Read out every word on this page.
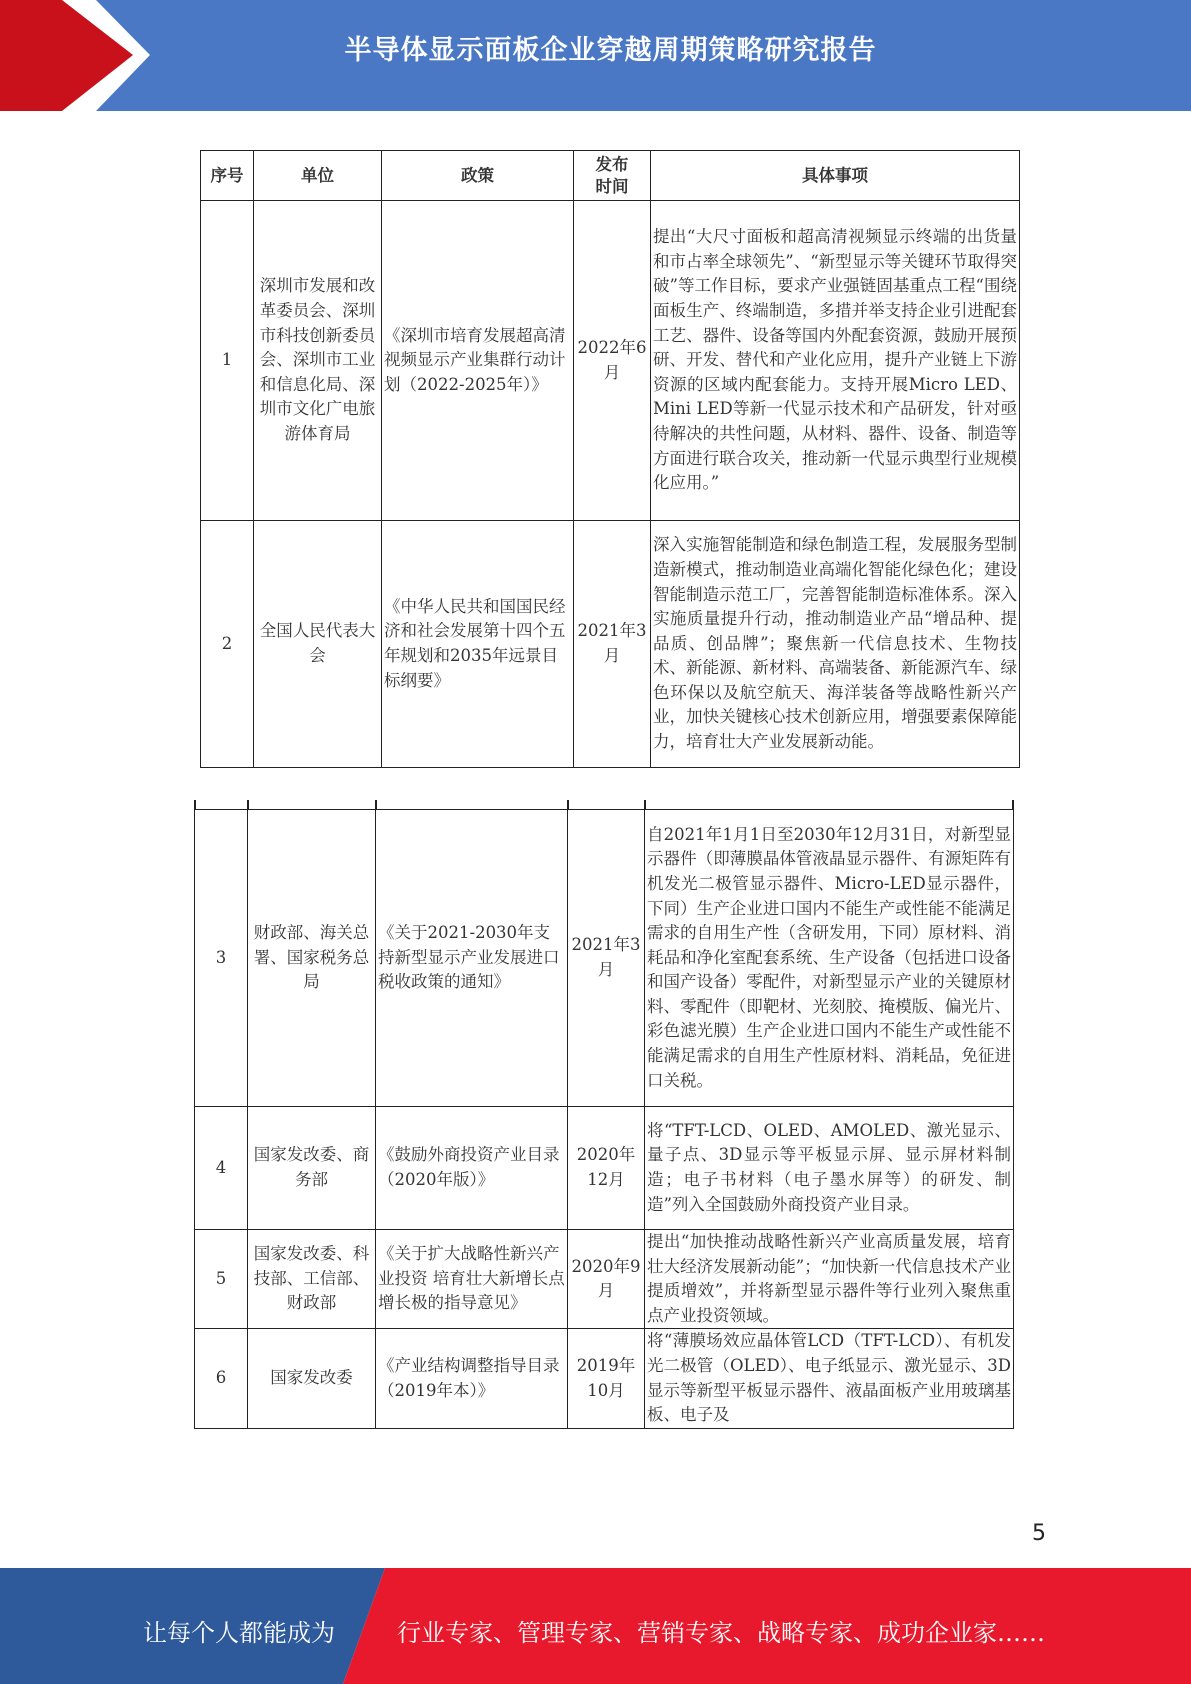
半导体显示面板企业穿越周期策略研究报告
序号	单位	政策	发布时间	具体事项
1	深圳市发展和改革委员会、深圳市科技创新委员会、深圳市工业和信息化局、深圳市文化广电旅游体育局	《深圳市培育发展超高清视频显示产业集群行动计划（2022-2025年）》	2022年6月	提出“大尺寸面板和超高清视频显示终端的出货量和市占率全球领先”、“新型显示等关键环节取得突破”等工作目标，要求产业强链固基重点工程“围绕面板生产、终端制造，多措并举支持企业引进配套工艺、器件、设备等国内外配套资源，鼓励开展预研、开发、替代和产业化应用，提升产业链上下游资源的区域内配套能力。支持开展Micro LED、Mini LED等新一代显示技术和产品研发，针对亟待解决的共性问题，从材料、器件、设备、制造等方面进行联合攻关，推动新一代显示典型行业规模化应用。”
2	全国人民代表大会	《中华人民共和国国民经济和社会发展第十四个五年规划和2035年远景目标纲要》	2021年3月	深入实施智能制造和绿色制造工程，发展服务型制造新模式，推动制造业高端化智能化绿色化；建设智能制造示范工厂，完善智能制造标准体系。深入实施质量提升行动，推动制造业产品“增品种、提品质、创品牌”；聚焦新一代信息技术、生物技术、新能源、新材料、高端装备、新能源汽车、绿色环保以及航空航天、海洋装备等战略性新兴产业，加快关键核心技术创新应用，增强要素保障能力，培育壮大产业发展新动能。
3	财政部、海关总署、国家税务总局	《关于2021-2030年支持新型显示产业发展进口税收政策的通知》	2021年3月	自2021年1月1日至2030年12月31日，对新型显示器件（即薄膜晶体管液晶显示器件、有源矩阵有机发光二极管显示器件、Micro-LED显示器件，下同）生产企业进口国内不能生产或性能不能满足需求的自用生产性（含研发用，下同）原材料、消耗品和净化室配套系统、生产设备（包括进口设备和国产设备）零配件，对新型显示产业的关键原材料、零配件（即靶材、光刻胶、掩模版、偏光片、彩色滤光膜）生产企业进口国内不能生产或性能不能满足需求的自用生产性原材料、消耗品，免征进口关税。
4	国家发改委、商务部	《鼓励外商投资产业目录（2020年版）》	2020年12月	将“TFT-LCD、OLED、AMOLED、激光显示、量子点、3D显示等平板显示屏、显示屏材料制造；电子书材料（电子墨水屏等）的研发、制造”列入全国鼓励外商投资产业目录。
5	国家发改委、科技部、工信部、财政部	《关于扩大战略性新兴产业投资 培育壮大新增长点增长极的指导意见》	2020年9月	提出“加快推动战略性新兴产业高质量发展，培育壮大经济发展新动能”；“加快新一代信息技术产业提质增效”，并将新型显示器件等行业列入聚焦重点产业投资领域。
6	国家发改委	《产业结构调整指导目录（2019年本）》	2019年10月	将“薄膜场效应晶体管LCD（TFT-LCD）、有机发光二极管（OLED）、电子纸显示、激光显示、3D显示等新型平板显示器件、液晶面板产业用玻璃基板、电子及
5
让每个人都能成为	行业专家、管理专家、营销专家、战略专家、成功企业家……
